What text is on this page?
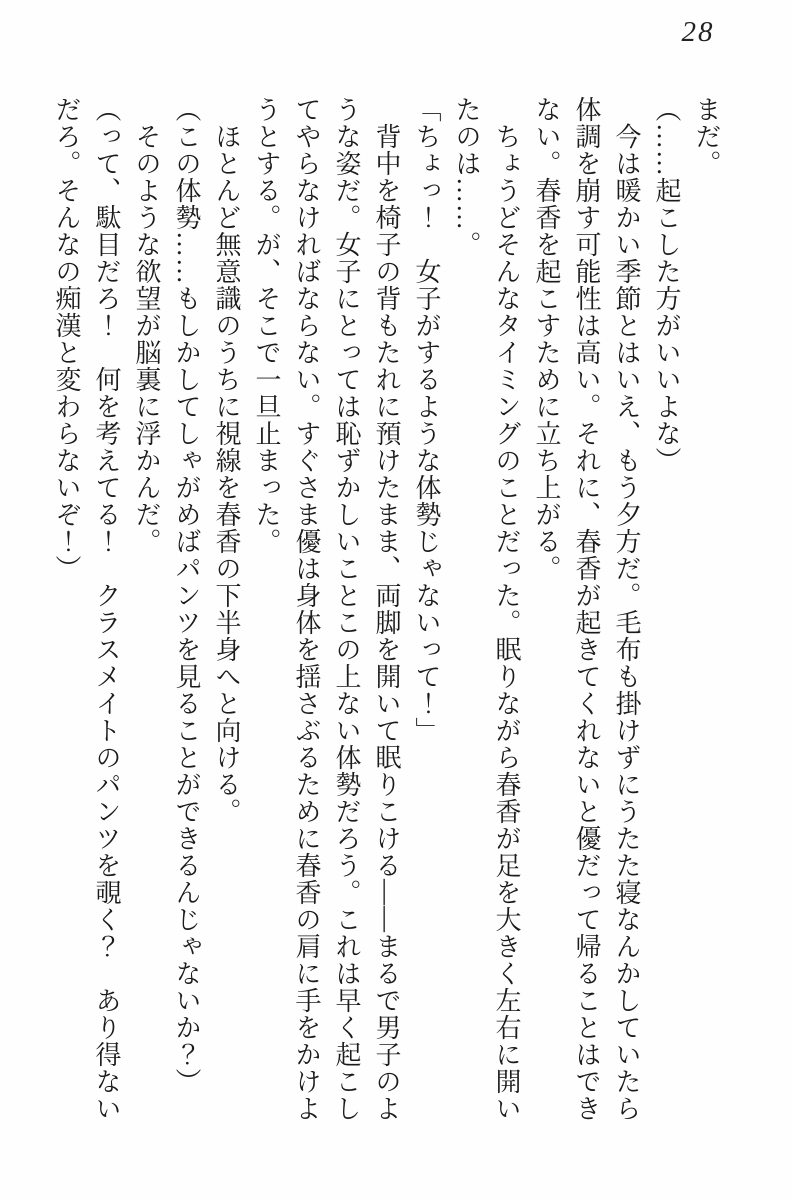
28
まだ。
（……起こした方がいいよな）
　今は暖かい季節とはいえ、もう夕方だ。毛布も掛けずにうたた寝なんかしていたら
体調を崩す可能性は高い。それに、春香が起きてくれないと優だって帰ることはでき
ない。春香を起こすために立ち上がる。
　ちょうどそんなタイミングのことだった。眠りながら春香が足を大きく左右に開い
たのは……。
「ちょっ！　女子がするような体勢じゃないって！」
　背中を椅子の背もたれに預けたまま、両脚を開いて眠りこける――まるで男子のよ
うな姿だ。女子にとっては恥ずかしいことこの上ない体勢だろう。これは早く起こし
てやらなければならない。すぐさま優は身体を揺さぶるために春香の肩に手をかけよ
うとする。が、そこで一旦止まった。
　ほとんど無意識のうちに視線を春香の下半身へと向ける。
（この体勢……もしかしてしゃがめばパンツを見ることができるんじゃないか？）
　そのような欲望が脳裏に浮かんだ。
（って、駄目だろ！　何を考えてる！　クラスメイトのパンツを覗く？　あり得ない
だろ。そんなの痴漢と変わらないぞ！）
